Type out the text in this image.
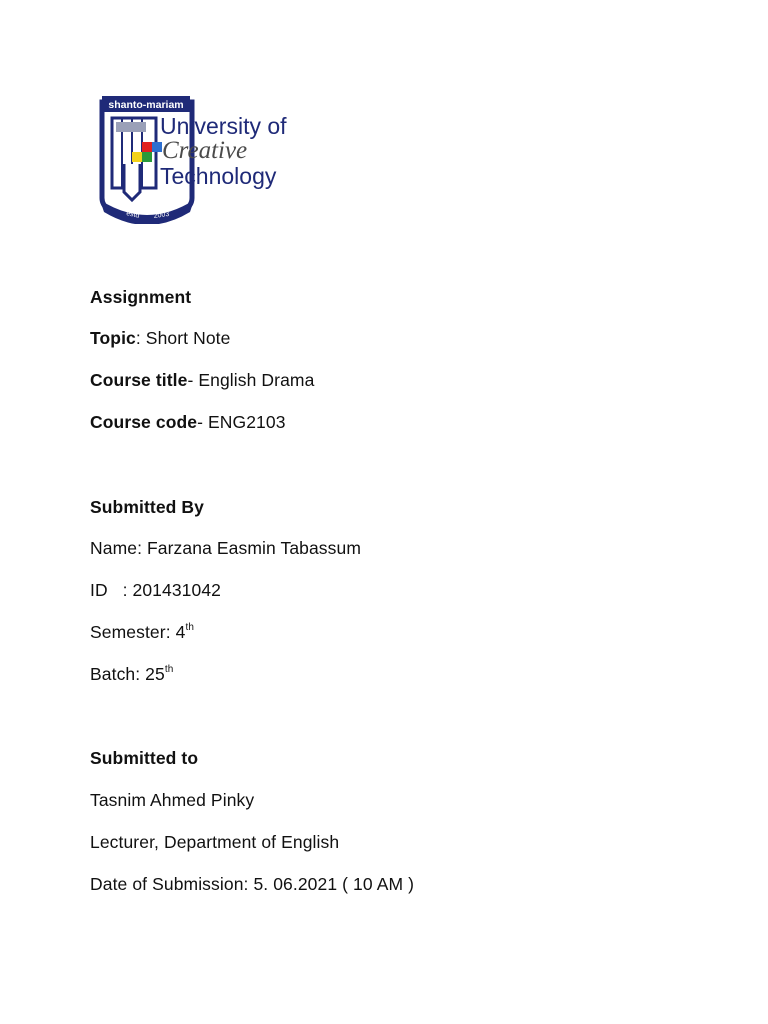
shanto-mariam
estd 2003
University of
Creative
Technology
Assignment
Topic: Short Note
Course title- English Drama
Course code- ENG2103
Submitted By
Name: Farzana Easmin Tabassum
ID   : 201431042
Semester: 4th
Batch: 25th
Submitted to
Tasnim Ahmed Pinky
Lecturer, Department of English
Date of Submission: 5. 06.2021 ( 10 AM )
